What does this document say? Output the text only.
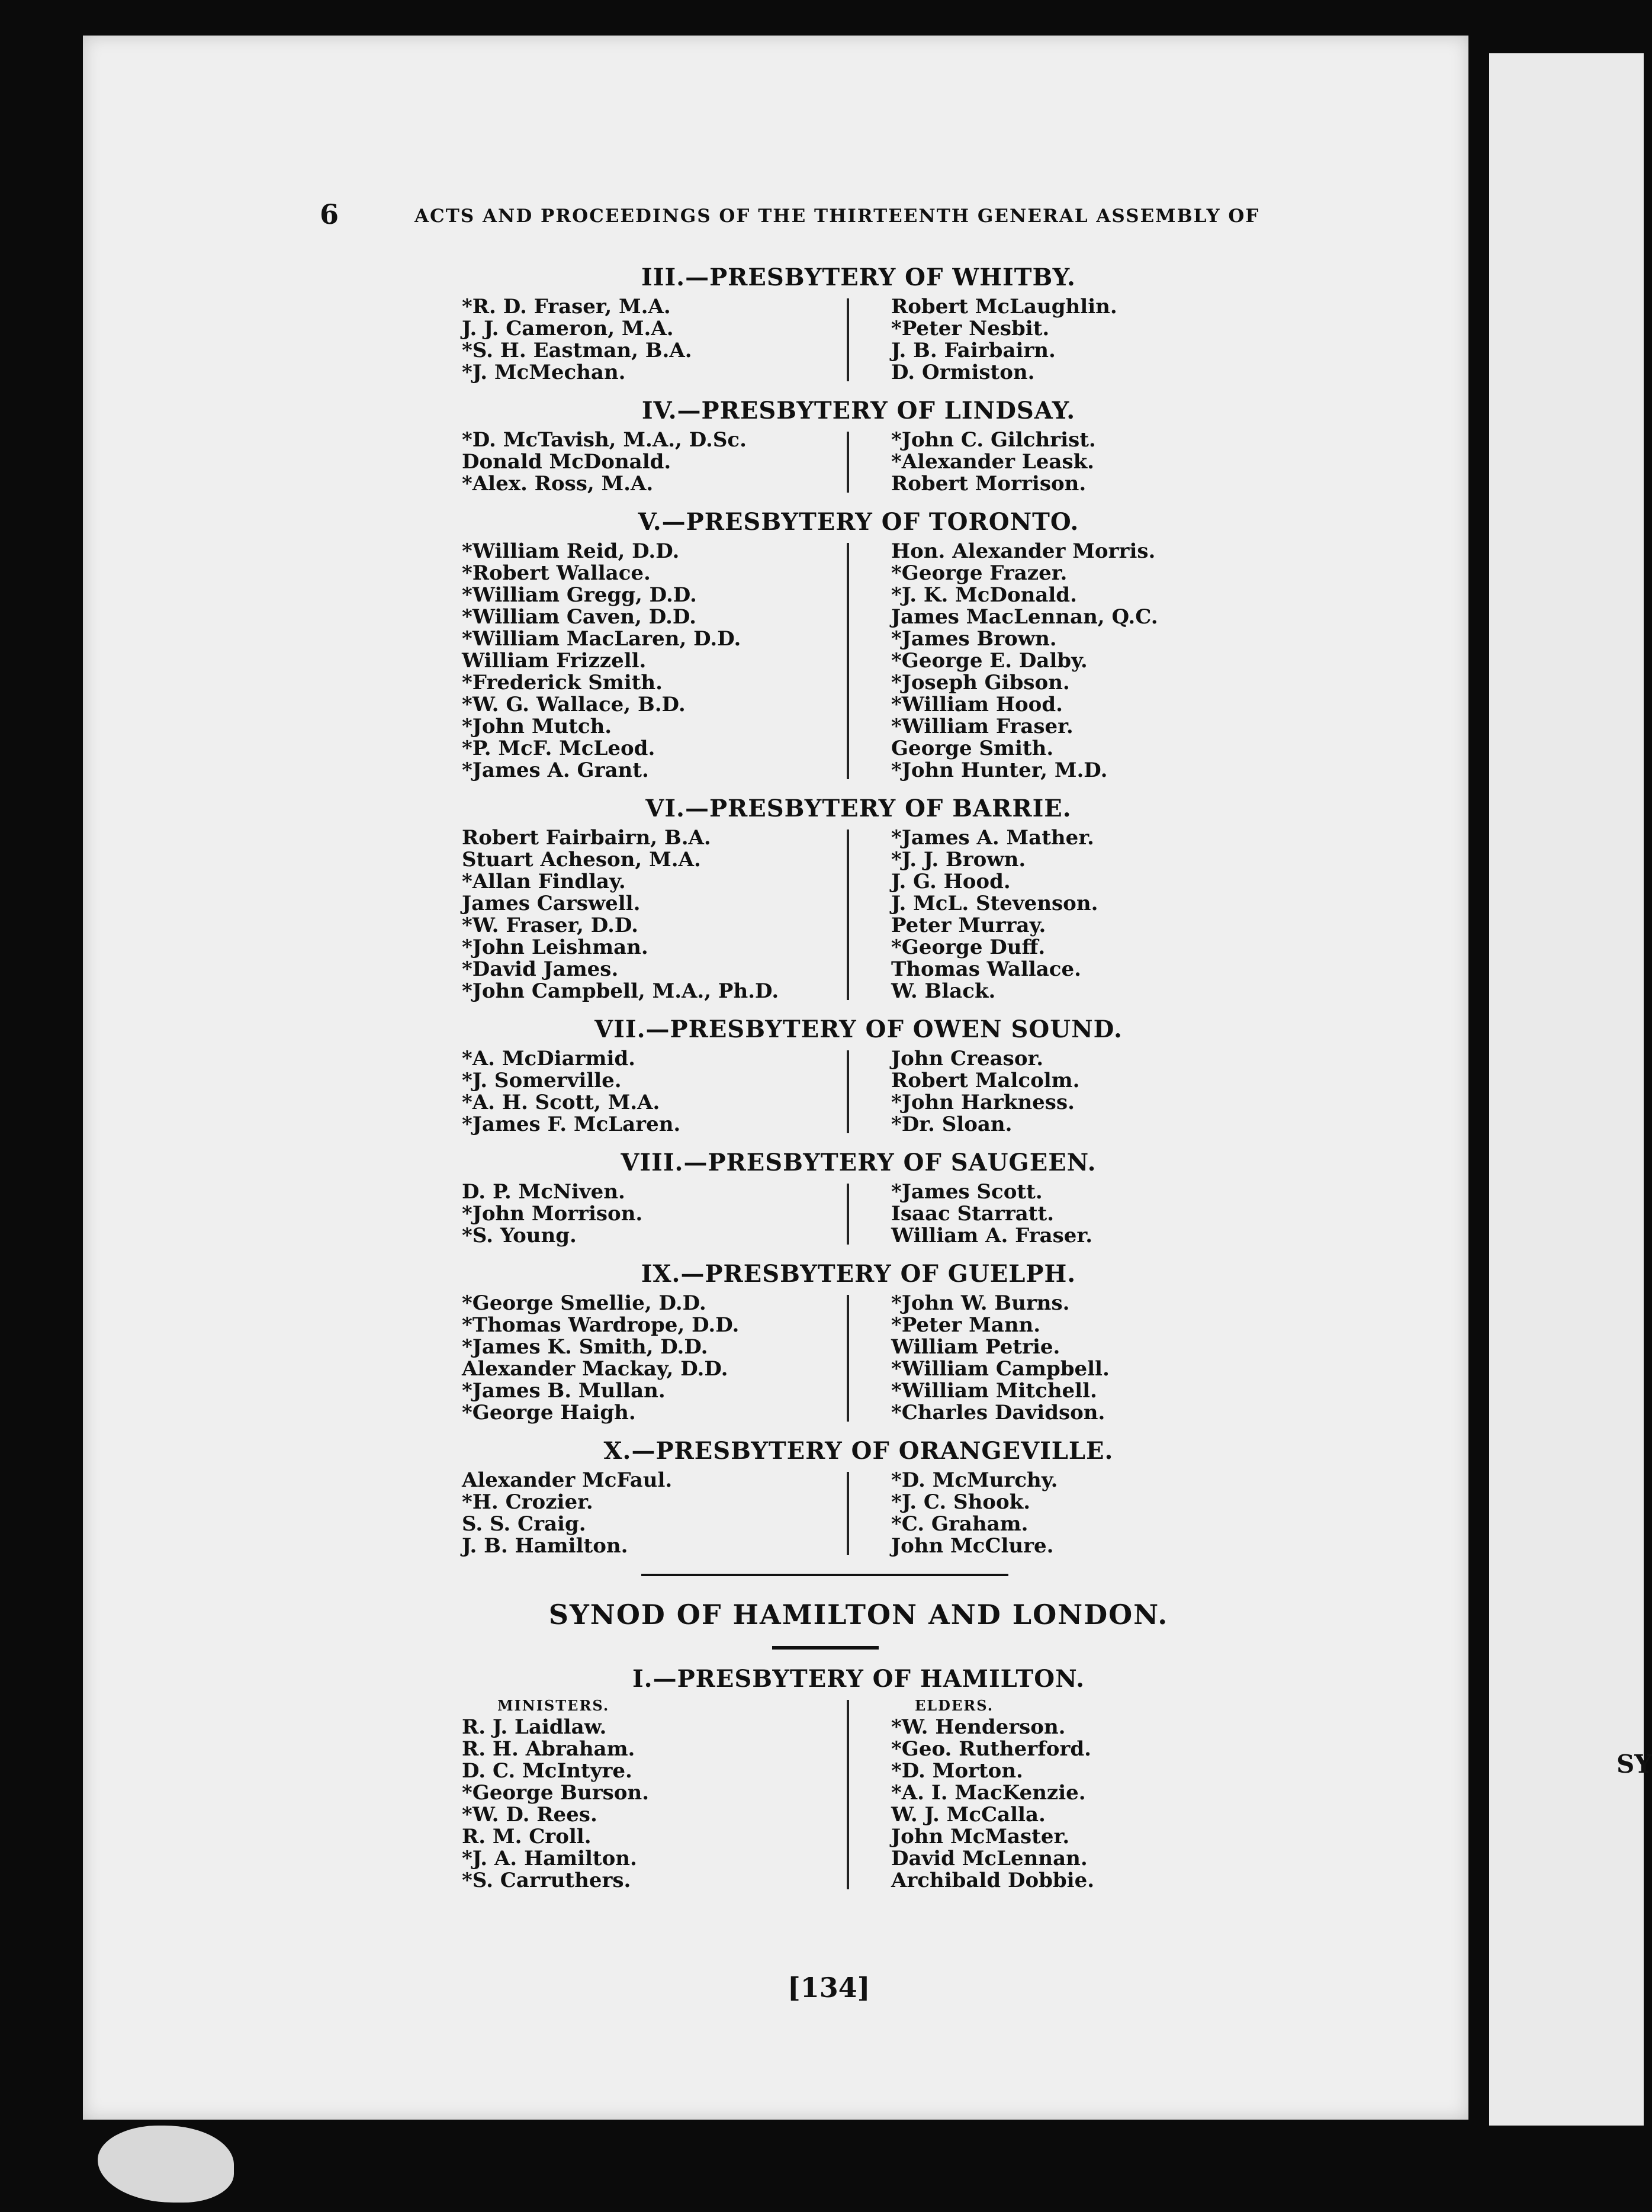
SY
6	ACTS AND PROCEEDINGS OF THE THIRTEENTH GENERAL ASSEMBLY OF
III.—PRESBYTERY OF WHITBY.
*R. D. Fraser, M.A.
J. J. Cameron, M.A.
*S. H. Eastman, B.A.
*J. McMechan.
Robert McLaughlin.
*Peter Nesbit.
J. B. Fairbairn.
D. Ormiston.
IV.—PRESBYTERY OF LINDSAY.
*D. McTavish, M.A., D.Sc.
Donald McDonald.
*Alex. Ross, M.A.
*John C. Gilchrist.
*Alexander Leask.
Robert Morrison.
V.—PRESBYTERY OF TORONTO.
*William Reid, D.D.
*Robert Wallace.
*William Gregg, D.D.
*William Caven, D.D.
*William MacLaren, D.D.
William Frizzell.
*Frederick Smith.
*W. G. Wallace, B.D.
*John Mutch.
*P. McF. McLeod.
*James A. Grant.
Hon. Alexander Morris.
*George Frazer.
*J. K. McDonald.
James MacLennan, Q.C.
*James Brown.
*George E. Dalby.
*Joseph Gibson.
*William Hood.
*William Fraser.
George Smith.
*John Hunter, M.D.
VI.—PRESBYTERY OF BARRIE.
Robert Fairbairn, B.A.
Stuart Acheson, M.A.
*Allan Findlay.
James Carswell.
*W. Fraser, D.D.
*John Leishman.
*David James.
*John Campbell, M.A., Ph.D.
*James A. Mather.
*J. J. Brown.
J. G. Hood.
J. McL. Stevenson.
Peter Murray.
*George Duff.
Thomas Wallace.
W. Black.
VII.—PRESBYTERY OF OWEN SOUND.
*A. McDiarmid.
*J. Somerville.
*A. H. Scott, M.A.
*James F. McLaren.
John Creasor.
Robert Malcolm.
*John Harkness.
*Dr. Sloan.
VIII.—PRESBYTERY OF SAUGEEN.
D. P. McNiven.
*John Morrison.
*S. Young.
*James Scott.
Isaac Starratt.
William A. Fraser.
IX.—PRESBYTERY OF GUELPH.
*George Smellie, D.D.
*Thomas Wardrope, D.D.
*James K. Smith, D.D.
Alexander Mackay, D.D.
*James B. Mullan.
*George Haigh.
*John W. Burns.
*Peter Mann.
William Petrie.
*William Campbell.
*William Mitchell.
*Charles Davidson.
X.—PRESBYTERY OF ORANGEVILLE.
Alexander McFaul.
*H. Crozier.
S. S. Craig.
J. B. Hamilton.
*D. McMurchy.
*J. C. Shook.
*C. Graham.
John McClure.
SYNOD OF HAMILTON AND LONDON.
I.—PRESBYTERY OF HAMILTON.
MINISTERS.
R. J. Laidlaw.
R. H. Abraham.
D. C. McIntyre.
*George Burson.
*W. D. Rees.
R. M. Croll.
*J. A. Hamilton.
*S. Carruthers.
ELDERS.
*W. Henderson.
*Geo. Rutherford.
*D. Morton.
*A. I. MacKenzie.
W. J. McCalla.
John McMaster.
David McLennan.
Archibald Dobbie.
[134]
